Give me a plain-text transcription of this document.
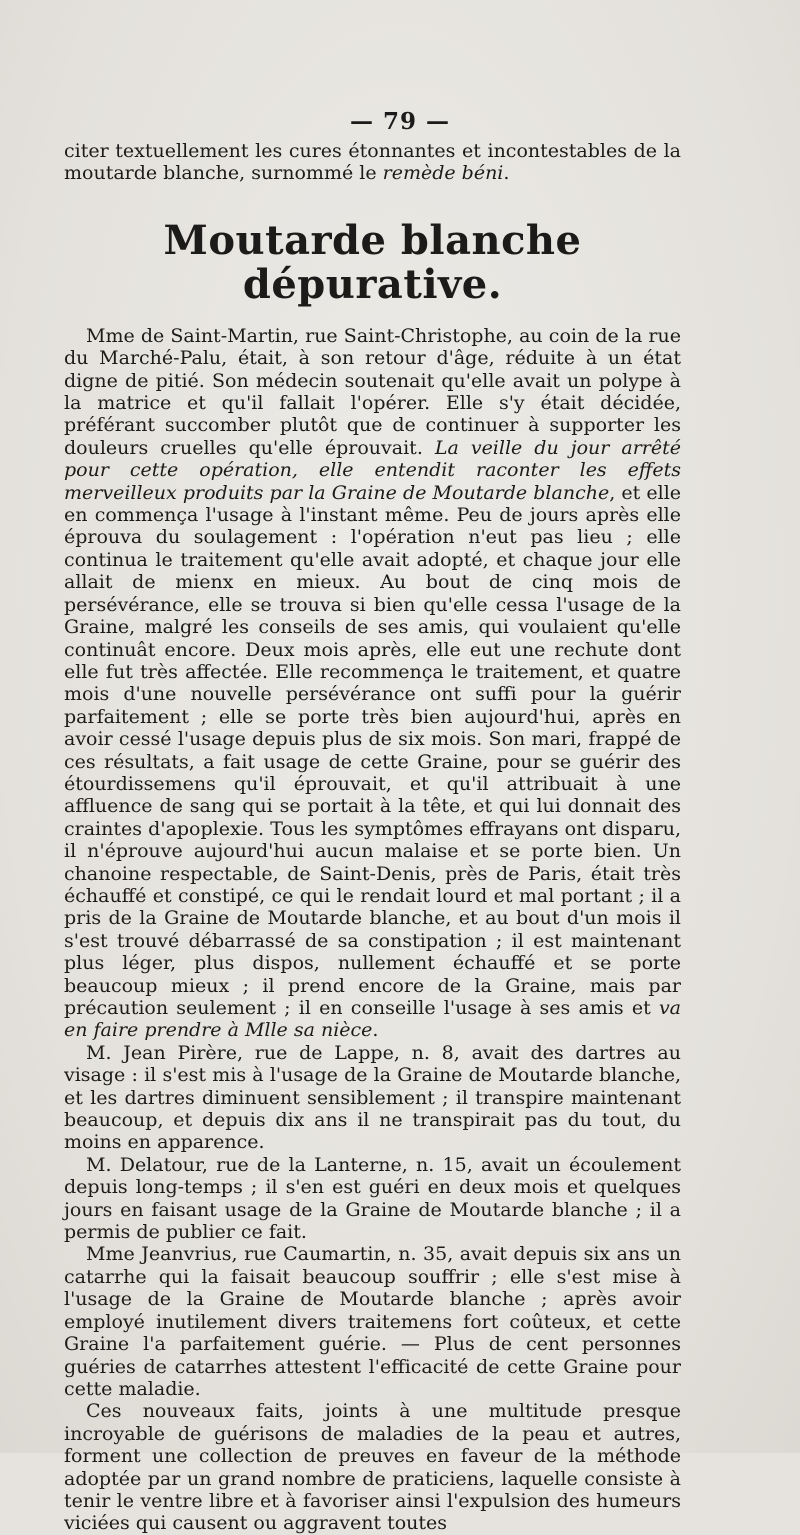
— 79 —

citer textuellement les cures étonnantes et incontestables de la moutarde blanche, surnommé le remède béni.

Moutarde blanche dépurative.

Mme de Saint-Martin, rue Saint-Christophe, au coin de la rue du Marché-Palu, était, à son retour d'âge, réduite à un état digne de pitié. Son médecin soutenait qu'elle avait un polype à la matrice et qu'il fallait l'opérer. Elle s'y était décidée, préférant succomber plutôt que de continuer à supporter les douleurs cruelles qu'elle éprouvait. La veille du jour arrêté pour cette opération, elle entendit raconter les effets merveilleux produits par la Graine de Moutarde blanche, et elle en commença l'usage à l'instant même. Peu de jours après elle éprouva du soulagement : l'opération n'eut pas lieu ; elle continua le traitement qu'elle avait adopté, et chaque jour elle allait de mienx en mieux. Au bout de cinq mois de persévérance, elle se trouva si bien qu'elle cessa l'usage de la Graine, malgré les conseils de ses amis, qui voulaient qu'elle continuât encore. Deux mois après, elle eut une rechute dont elle fut très affectée. Elle recommença le traitement, et quatre mois d'une nouvelle persévérance ont suffi pour la guérir parfaitement ; elle se porte très bien aujourd'hui, après en avoir cessé l'usage depuis plus de six mois. Son mari, frappé de ces résultats, a fait usage de cette Graine, pour se guérir des étourdissemens qu'il éprouvait, et qu'il attribuait à une affluence de sang qui se portait à la tête, et qui lui donnait des craintes d'apoplexie. Tous les symptômes effrayans ont disparu, il n'éprouve aujourd'hui aucun malaise et se porte bien. Un chanoine respectable, de Saint-Denis, près de Paris, était très échauffé et constipé, ce qui le rendait lourd et mal portant ; il a pris de la Graine de Moutarde blanche, et au bout d'un mois il s'est trouvé débarrassé de sa constipation ; il est maintenant plus léger, plus dispos, nullement échauffé et se porte beaucoup mieux ; il prend encore de la Graine, mais par précaution seulement ; il en conseille l'usage à ses amis et va en faire prendre à Mlle sa nièce.

M. Jean Pirère, rue de Lappe, n. 8, avait des dartres au visage : il s'est mis à l'usage de la Graine de Moutarde blanche, et les dartres diminuent sensiblement ; il transpire maintenant beaucoup, et depuis dix ans il ne transpirait pas du tout, du moins en apparence.

M. Delatour, rue de la Lanterne, n. 15, avait un écoulement depuis long-temps ; il s'en est guéri en deux mois et quelques jours en faisant usage de la Graine de Moutarde blanche ; il a permis de publier ce fait.

Mme Jeanvrius, rue Caumartin, n. 35, avait depuis six ans un catarrhe qui la faisait beaucoup souffrir ; elle s'est mise à l'usage de la Graine de Moutarde blanche ; après avoir employé inutilement divers traitemens fort coûteux, et cette Graine l'a parfaitement guérie. — Plus de cent personnes guéries de catarrhes attestent l'efficacité de cette Graine pour cette maladie.

Ces nouveaux faits, joints à une multitude presque incroyable de guérisons de maladies de la peau et autres, forment une collection de preuves en faveur de la méthode adoptée par un grand nombre de praticiens, laquelle consiste à tenir le ventre libre et à favoriser ainsi l'expulsion des humeurs viciées qui causent ou aggravent toutes
